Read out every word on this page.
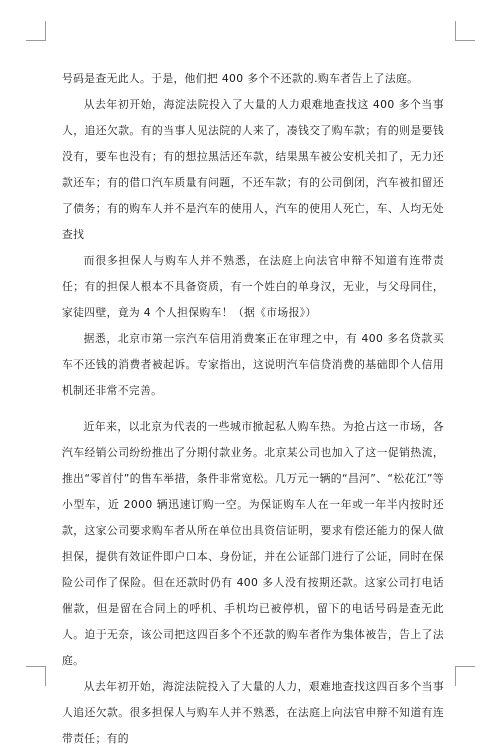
号码是查无此人。于是，他们把 400 多个不还款的.购车者告上了法庭。

从去年初开始，海淀法院投入了大量的人力艰难地查找这 400 多个当事人，追还欠款。有的当事人见法院的人来了，凑钱交了购车款；有的则是要钱没有，要车也没有；有的想拉黑活还车款，结果黑车被公安机关扣了，无力还款还车；有的借口汽车质量有问题，不还车款；有的公司倒闭，汽车被扣留还了债务；有的购车人并不是汽车的使用人，汽车的使用人死亡，车、人均无处查找

而很多担保人与购车人并不熟悉，在法庭上向法官申辩不知道有连带责任；有的担保人根本不具备资质，有一个姓白的单身汉，无业，与父母同住，家徒四壁，竟为 4 个人担保购车！（据《市场报》）

据悉，北京市第一宗汽车信用消费案正在审理之中，有 400 多名贷款买车不还钱的消费者被起诉。专家指出，这说明汽车信贷消费的基础即个人信用机制还非常不完善。

近年来，以北京为代表的一些城市掀起私人购车热。为抢占这一市场，各汽车经销公司纷纷推出了分期付款业务。北京某公司也加入了这一促销热流，推出“零首付”的售车举措，条件非常宽松。几万元一辆的“昌河”、“松花江”等小型车，近 2000 辆迅速订购一空。为保证购车人在一年或一年半内按时还款，这家公司要求购车者从所在单位出具资信证明，要求有偿还能力的保人做担保，提供有效证件即户口本、身份证，并在公证部门进行了公证，同时在保险公司作了保险。但在还款时仍有 400 多人没有按期还款。这家公司打电话催款，但是留在合同上的呼机、手机均已被停机，留下的电话号码是查无此人。迫于无奈，该公司把这四百多个不还款的购车者作为集体被告，告上了法庭。

从去年初开始，海淀法院投入了大量的人力，艰难地查找这四百多个当事人追还欠款。很多担保人与购车人并不熟悉，在法庭上向法官申辩不知道有连带责任；有的
